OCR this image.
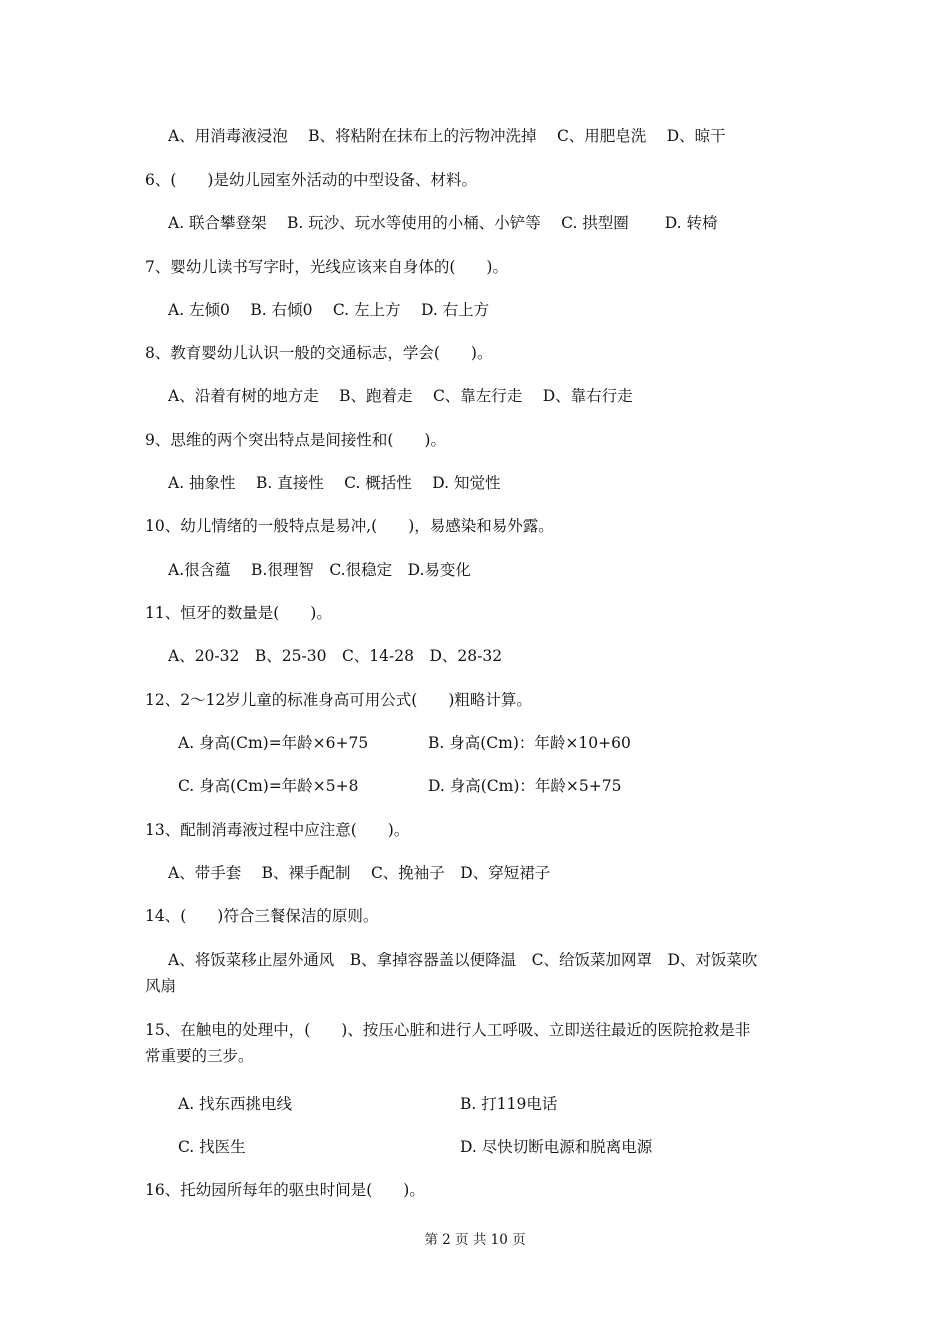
A、用消毒液浸泡　 B、将粘附在抹布上的污物冲洗掉　 C、用肥皂洗　 D、晾干
6、(　　)是幼儿园室外活动的中型设备、材料。
A. 联合攀登架　 B. 玩沙、玩水等使用的小桶、小铲等　 C. 拱型圈　　 D. 转椅
7、婴幼儿读书写字时，光线应该来自身体的(　　)。
A. 左倾0　 B. 右倾0　 C. 左上方　 D. 右上方
8、教育婴幼儿认识一般的交通标志，学会(　　)。
A、沿着有树的地方走　 B、跑着走　 C、靠左行走　 D、靠右行走
9、思维的两个突出特点是间接性和(　　)。
A. 抽象性　 B. 直接性　 C. 概括性　 D. 知觉性
10、幼儿情绪的一般特点是易冲,(　　)，易感染和易外露。
A.很含蕴　 B.很理智　C.很稳定　D.易变化
11、恒牙的数量是(　　)。
A、20-32　B、25-30　C、14-28　D、28-32
12、2～12岁儿童的标准身高可用公式(　　)粗略计算。
A. 身高(Cm)=年龄×6+75	B. 身高(Cm)：年龄×10+60
C. 身高(Cm)=年龄×5+8	D. 身高(Cm)：年龄×5+75
13、配制消毒液过程中应注意(　　)。
A、带手套　 B、裸手配制　 C、挽袖子　D、穿短裙子
14、(　　)符合三餐保洁的原则。
A、将饭菜移止屋外通风　B、拿掉容器盖以便降温　C、给饭菜加网罩　D、对饭菜吹
风扇
15、在触电的处理中，(　　)、按压心脏和进行人工呼吸、立即送往最近的医院抢救是非
常重要的三步。
A. 找东西挑电线	B. 打119电话
C. 找医生	D. 尽快切断电源和脱离电源
16、托幼园所每年的驱虫时间是(　　)。
第 2 页 共 10 页
